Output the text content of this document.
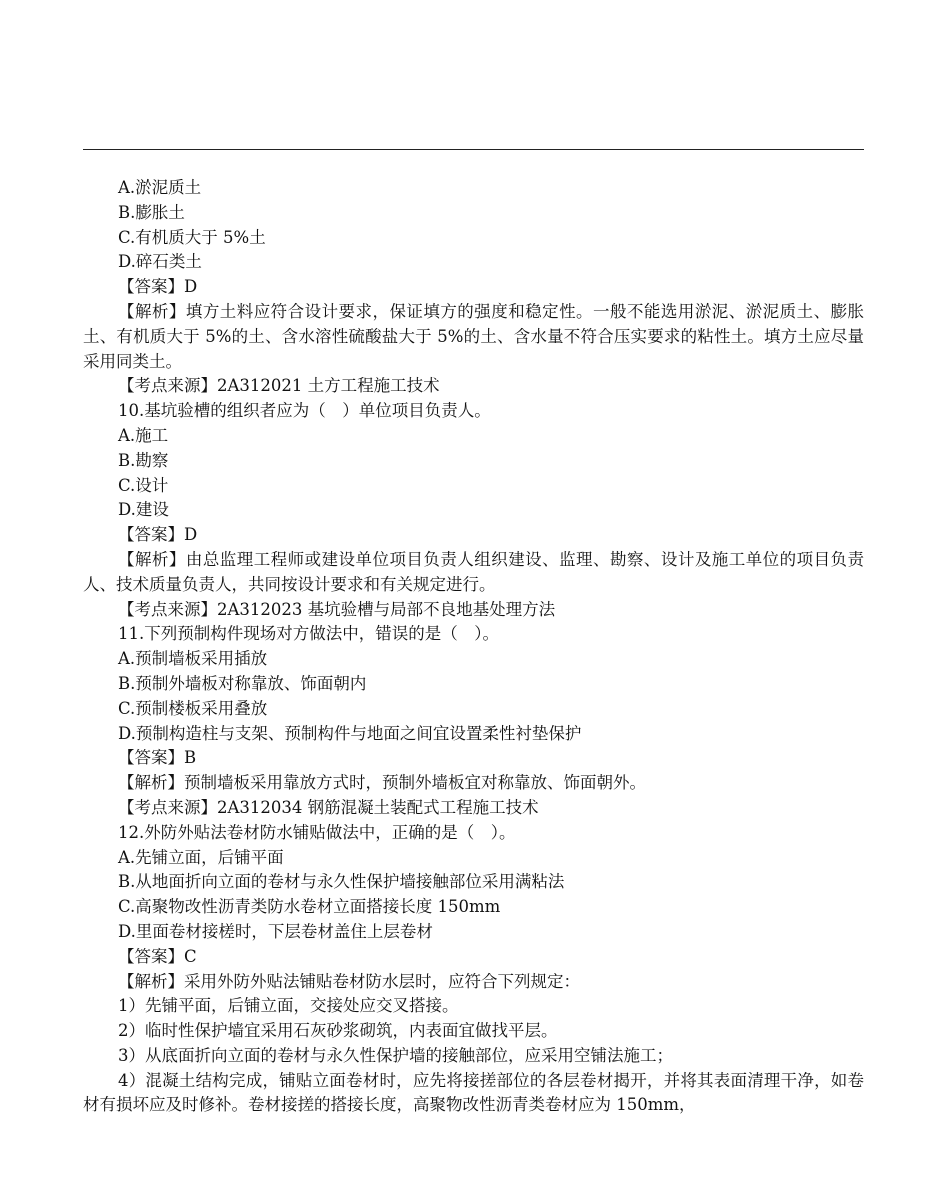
A.淤泥质土
B.膨胀土
C.有机质大于 5%土
D.碎石类土
【答案】D
【解析】填方土料应符合设计要求，保证填方的强度和稳定性。一般不能选用淤泥、淤泥质土、膨胀土、有机质大于 5%的土、含水溶性硫酸盐大于 5%的土、含水量不符合压实要求的粘性土。填方土应尽量采用同类土。
【考点来源】2A312021 土方工程施工技术
10.基坑验槽的组织者应为（　）单位项目负责人。
A.施工
B.勘察
C.设计
D.建设
【答案】D
【解析】由总监理工程师或建设单位项目负责人组织建设、监理、勘察、设计及施工单位的项目负责人、技术质量负责人，共同按设计要求和有关规定进行。
【考点来源】2A312023 基坑验槽与局部不良地基处理方法
11.下列预制构件现场对方做法中，错误的是（　）。
A.预制墙板采用插放
B.预制外墙板对称靠放、饰面朝内
C.预制楼板采用叠放
D.预制构造柱与支架、预制构件与地面之间宜设置柔性衬垫保护
【答案】B
【解析】预制墙板采用靠放方式时，预制外墙板宜对称靠放、饰面朝外。
【考点来源】2A312034 钢筋混凝土装配式工程施工技术
12.外防外贴法卷材防水铺贴做法中，正确的是（　）。
A.先铺立面，后铺平面
B.从地面折向立面的卷材与永久性保护墙接触部位采用满粘法
C.高聚物改性沥青类防水卷材立面搭接长度 150mm
D.里面卷材接槎时，下层卷材盖住上层卷材
【答案】C
【解析】采用外防外贴法铺贴卷材防水层时，应符合下列规定：
1）先铺平面，后铺立面，交接处应交叉搭接。
2）临时性保护墙宜采用石灰砂浆砌筑，内表面宜做找平层。
3）从底面折向立面的卷材与永久性保护墙的接触部位，应采用空铺法施工；
4）混凝土结构完成，铺贴立面卷材时，应先将接搓部位的各层卷材揭开，并将其表面清理干净，如卷材有损坏应及时修补。卷材接搓的搭接长度，高聚物改性沥青类卷材应为 150mm，
